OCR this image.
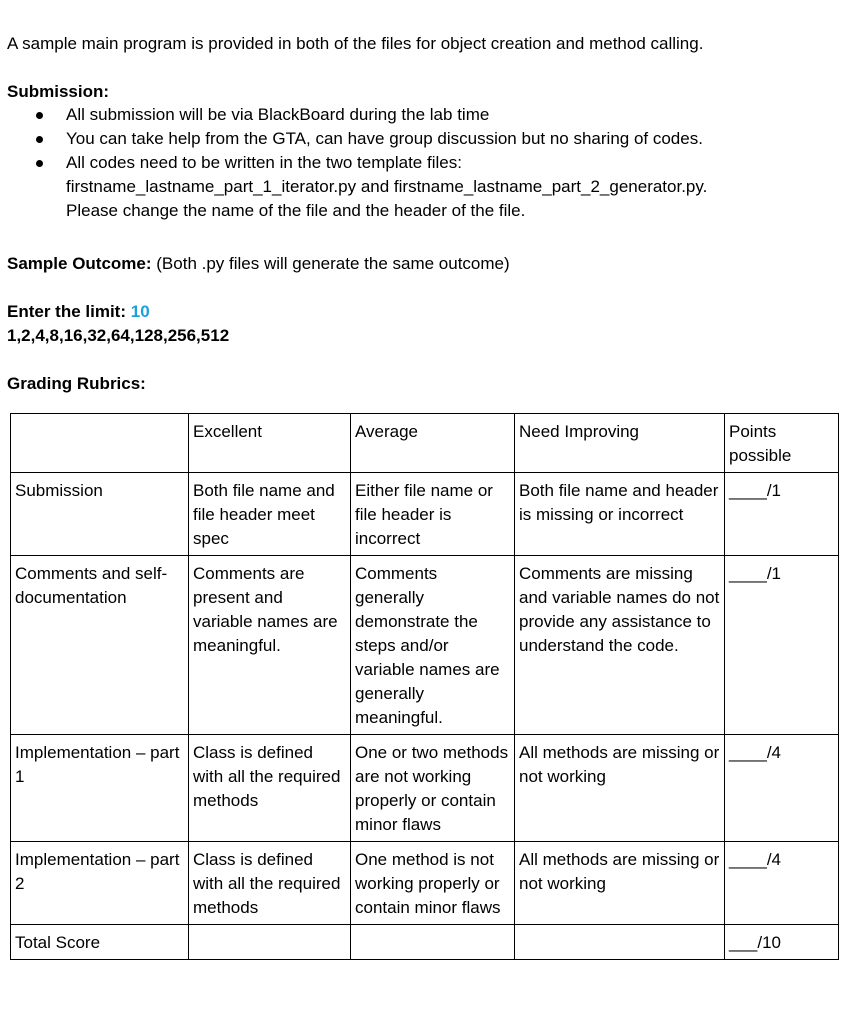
A sample main program is provided in both of the files for object creation and method calling.
Submission:
All submission will be via BlackBoard during the lab time
You can take help from the GTA, can have group discussion but no sharing of codes.
All codes need to be written in the two template files:
firstname_lastname_part_1_iterator.py and firstname_lastname_part_2_generator.py.
Please change the name of the file and the header of the file.
Sample Outcome: (Both .py files will generate the same outcome)
Enter the limit: 10
1,2,4,8,16,32,64,128,256,512
Grading Rubrics:
	Excellent	Average	Need Improving	Points possible
Submission	Both file name and file header meet spec	Either file name or file header is incorrect	Both file name and header is missing or incorrect	____/1
Comments and self-documentation	Comments are present and variable names are meaningful.	Comments generally demonstrate the steps and/or variable names are generally meaningful.	Comments are missing and variable names do not provide any assistance to understand the code.	____/1
Implementation – part 1	Class is defined with all the required methods	One or two methods are not working properly or contain minor flaws	All methods are missing or not working	____/4
Implementation – part 2	Class is defined with all the required methods	One method is not working properly or contain minor flaws	All methods are missing or not working	____/4
Total Score				___/10
